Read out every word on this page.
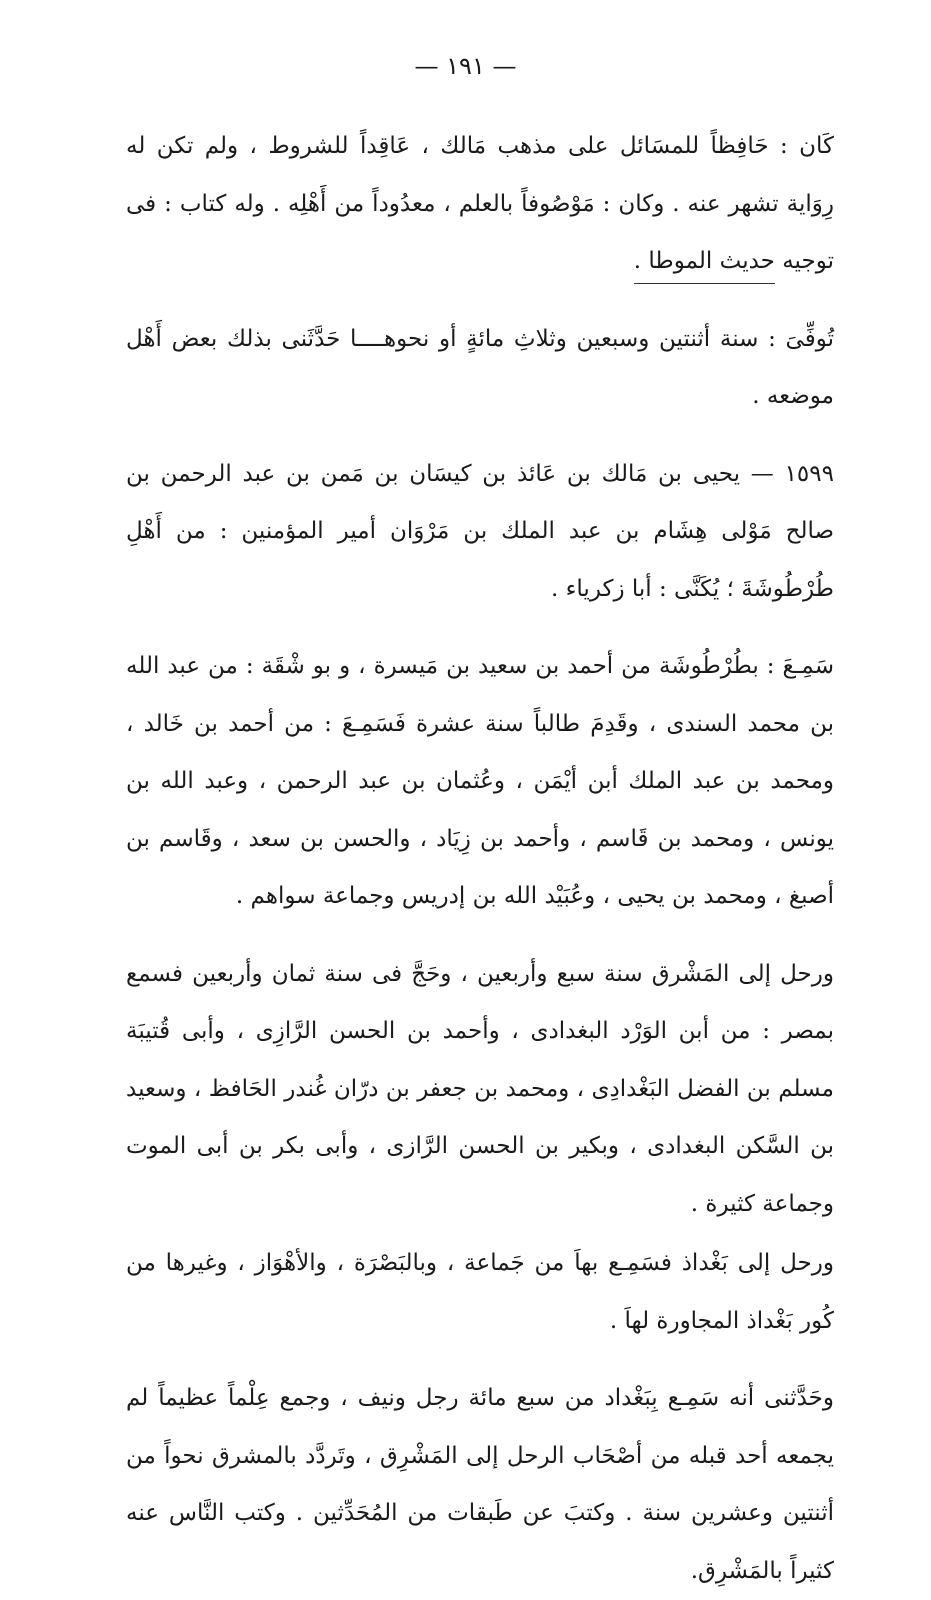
— ١٩١ —

كَان : حَافِظاً للمسَائل على مذهب مَالك ، عَاقِداً للشروط ، ولم تكن له رِوَاية تشهر عنه . وكان : مَوْصُوفاً بالعلم ، معدُوداً من أَهْلِه . وله كتاب : فى توجيه حديث الموطا .

تُوفِّىَ : سنة أثنتين وسبعين وثلاثِ مائةٍ أو نحوهــــا حَدَّثَنى بذلك بعض أَهْل موضعه .

١٥٩٩ — يحيى بن مَالك بن عَائذ بن كيسَان بن مَمن بن عبد الرحمن بن صالح مَوْلى هِشَام بن عبد الملك بن مَرْوَان أمير المؤمنين : من أَهْلِ طُرْطُوشَةَ ؛ يُكَنَّى : أبا زكرياء .

سَمِـعَ : بطُرْطُوشَة من أحمد بن سعيد بن مَيسرة ، و بو شْقَة : من عبد الله بن محمد السندى ، وقَدِمَ طالباً سنة عشرة فَسَمِـعَ : من أحمد بن خَالد ، ومحمد بن عبد الملك أبن أيْمَن ، وعُثمان بن عبد الرحمن ، وعبد الله بن يونس ، ومحمد بن قَاسم ، وأحمد بن زِيَاد ، والحسن بن سعد ، وقَاسم بن أصبغ ، ومحمد بن يحيى ، وعُبَيْد الله بن إدريس وجماعة سواهم .

ورحل إلى المَشْرق سنة سبع وأربعين ، وحَجَّ فى سنة ثمان وأربعين فسمع بمصر : من أبن الوَرْد البغدادى ، وأحمد بن الحسن الرَّازِى ، وأبى قُتيبَة مسلم بن الفضل البَغْدادِى ، ومحمد بن جعفر بن درّان غُندر الحَافظ ، وسعيد بن السَّكن البغدادى ، وبكير بن الحسن الرَّازى ، وأبى بكر بن أبى الموت وجماعة كثيرة .

ورحل إلى بَغْداذ فسَمِـع بهاَ من جَماعة ، وبالبَصْرَة ، والأهْوَاز ، وغيرها من كُور بَغْداذ المجاورة لهاَ .

وحَدَّثنى أنه سَمِـع بِبَغْداد من سبع مائة رجل ونيف ، وجمع عِلْماً عظيماً لم يجمعه أحد قبله من أصْحَاب الرحل إلى المَشْرِق ، وتَردَّد بالمشرق نحواً من أثنتين وعشرين سنة . وكتبَ عن طَبقات من المُحَدِّثين . وكتب النَّاس عنه كثيراً بالمَشْرِق.
